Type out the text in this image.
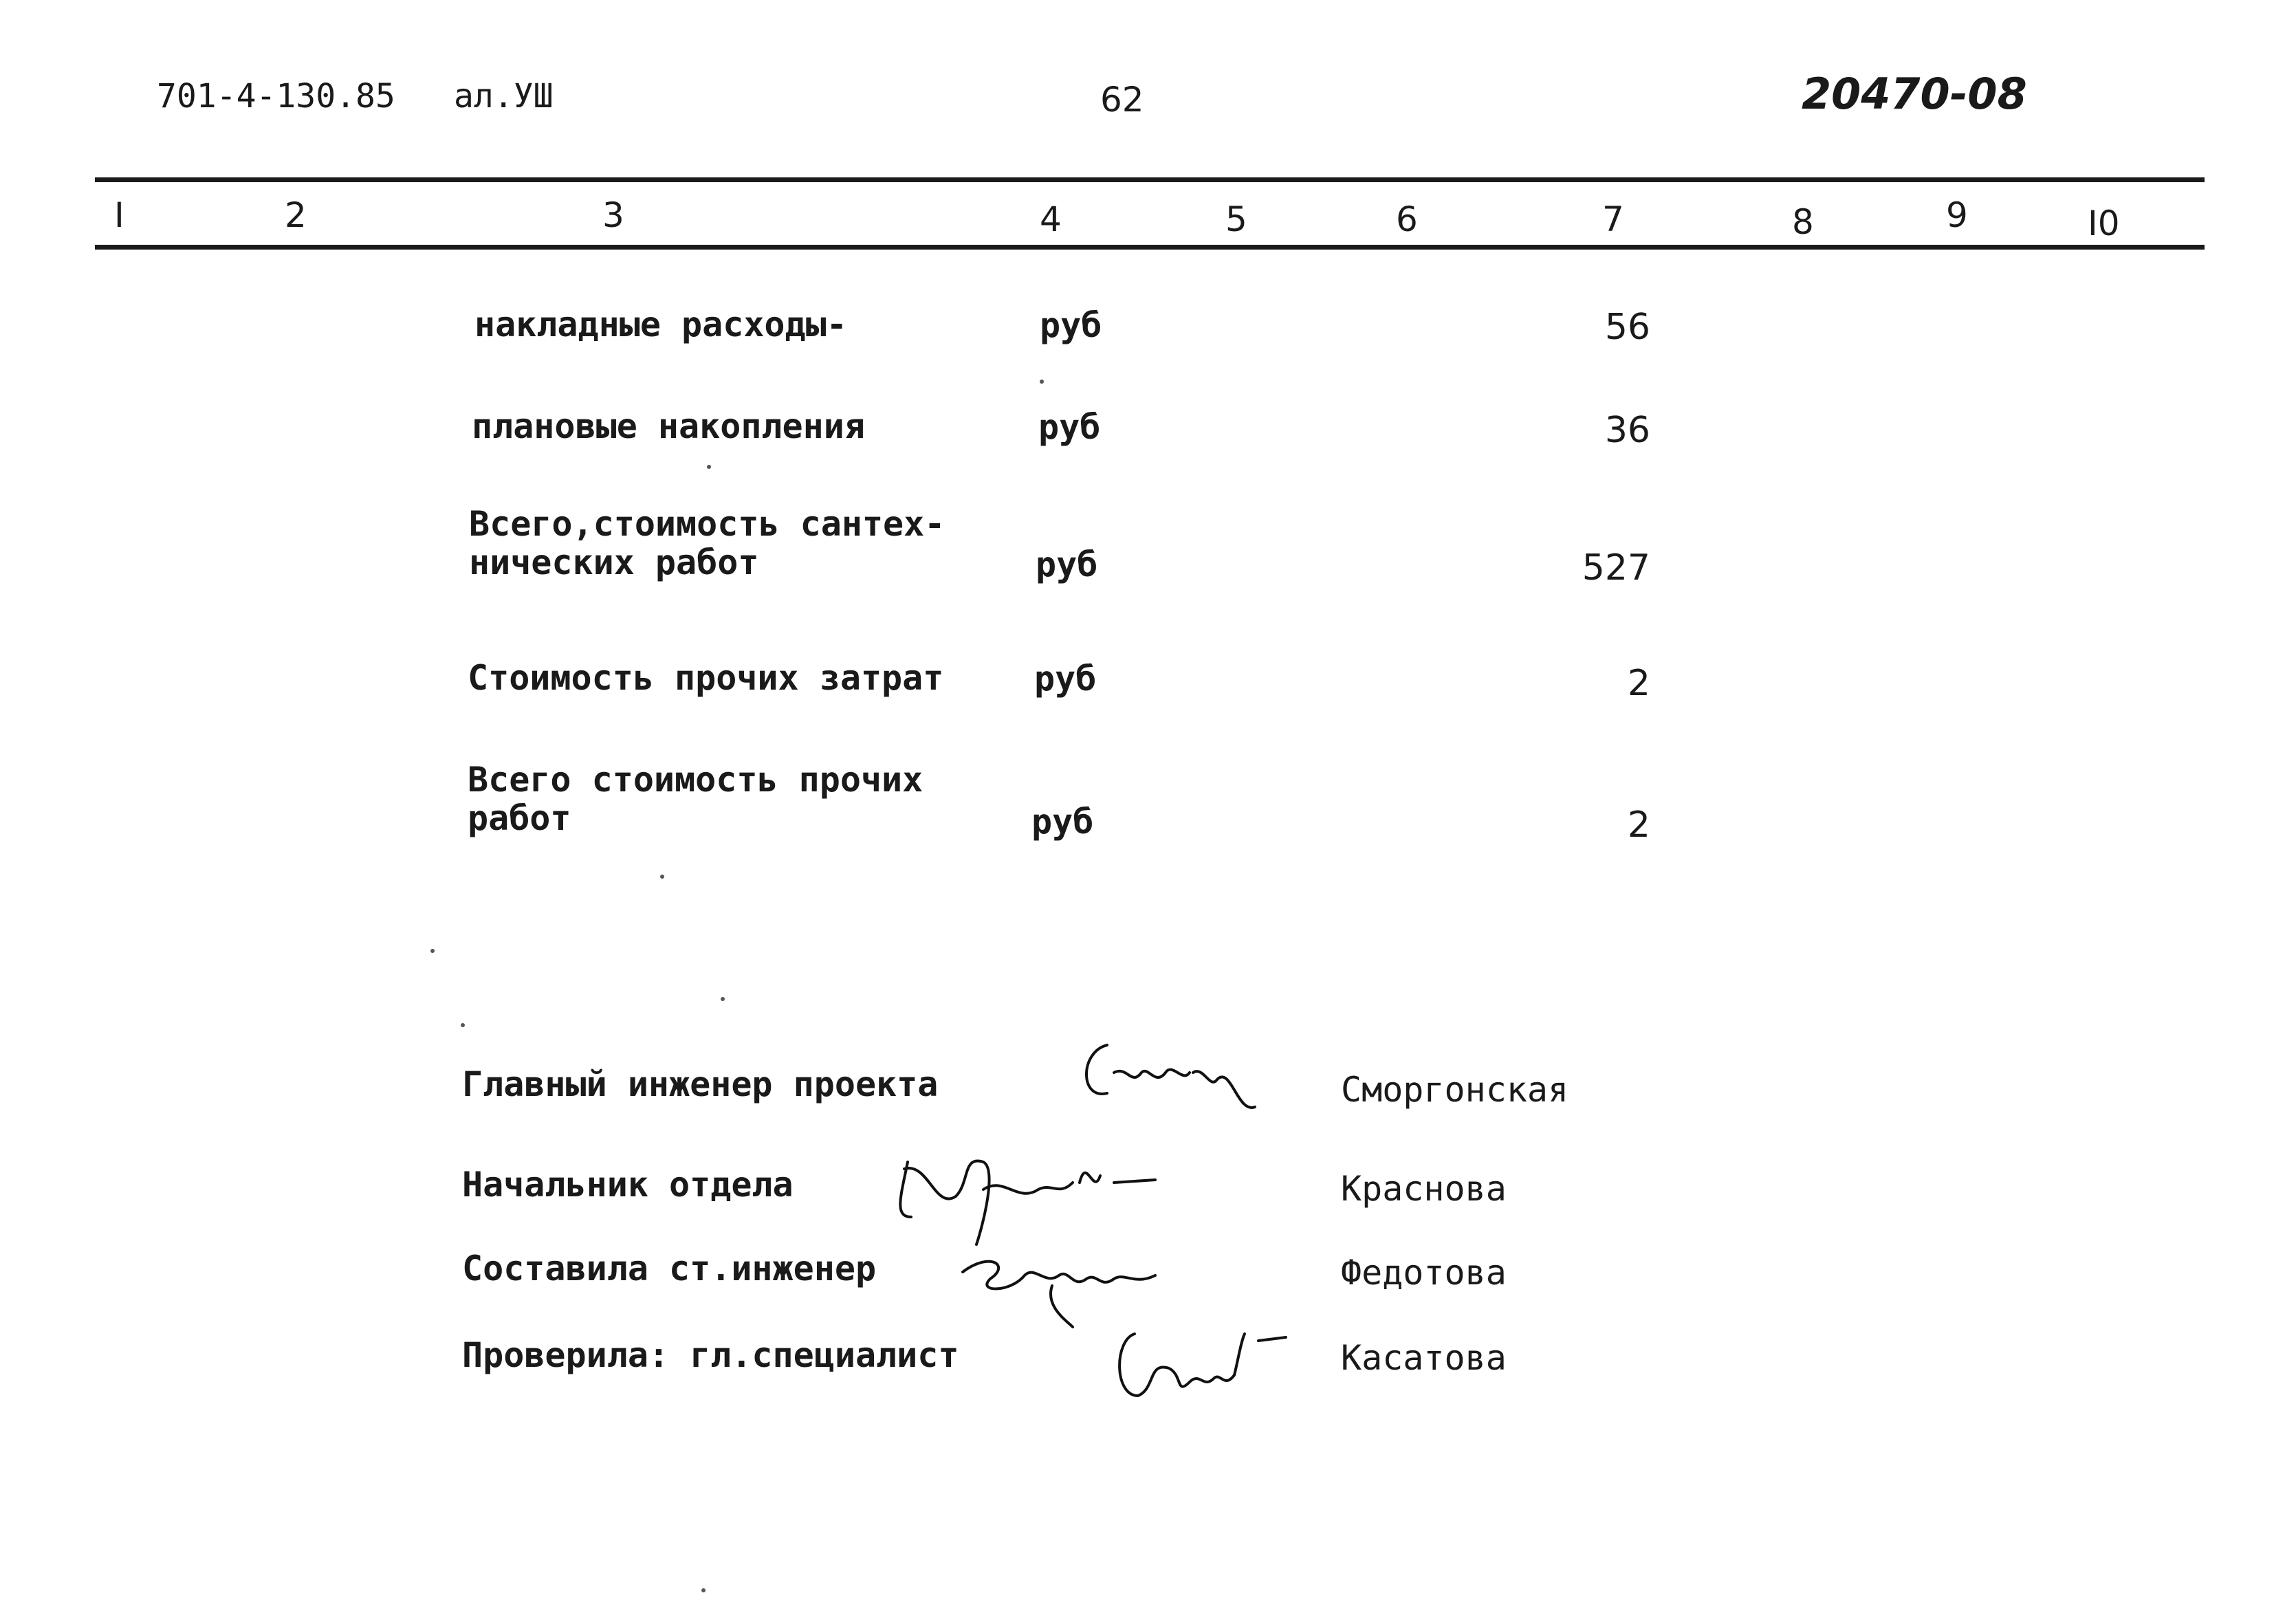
701-4-130.85 ал.УШ	62	20470-08
I	2	3	4	5	6	7	8	9	I0
накладные расходы-	руб	56
плановые накопления	руб	36
Всего,стоимость сантех-
нических работ	руб	527
Стоимость прочих затрат	руб	2
Всего стоимость прочих
работ	руб	2
Главный инженер проекта	Сморгонская
Начальник отдела	Краснова
Составила ст.инженер	Федотова
Проверила: гл.специалист	Касатова
